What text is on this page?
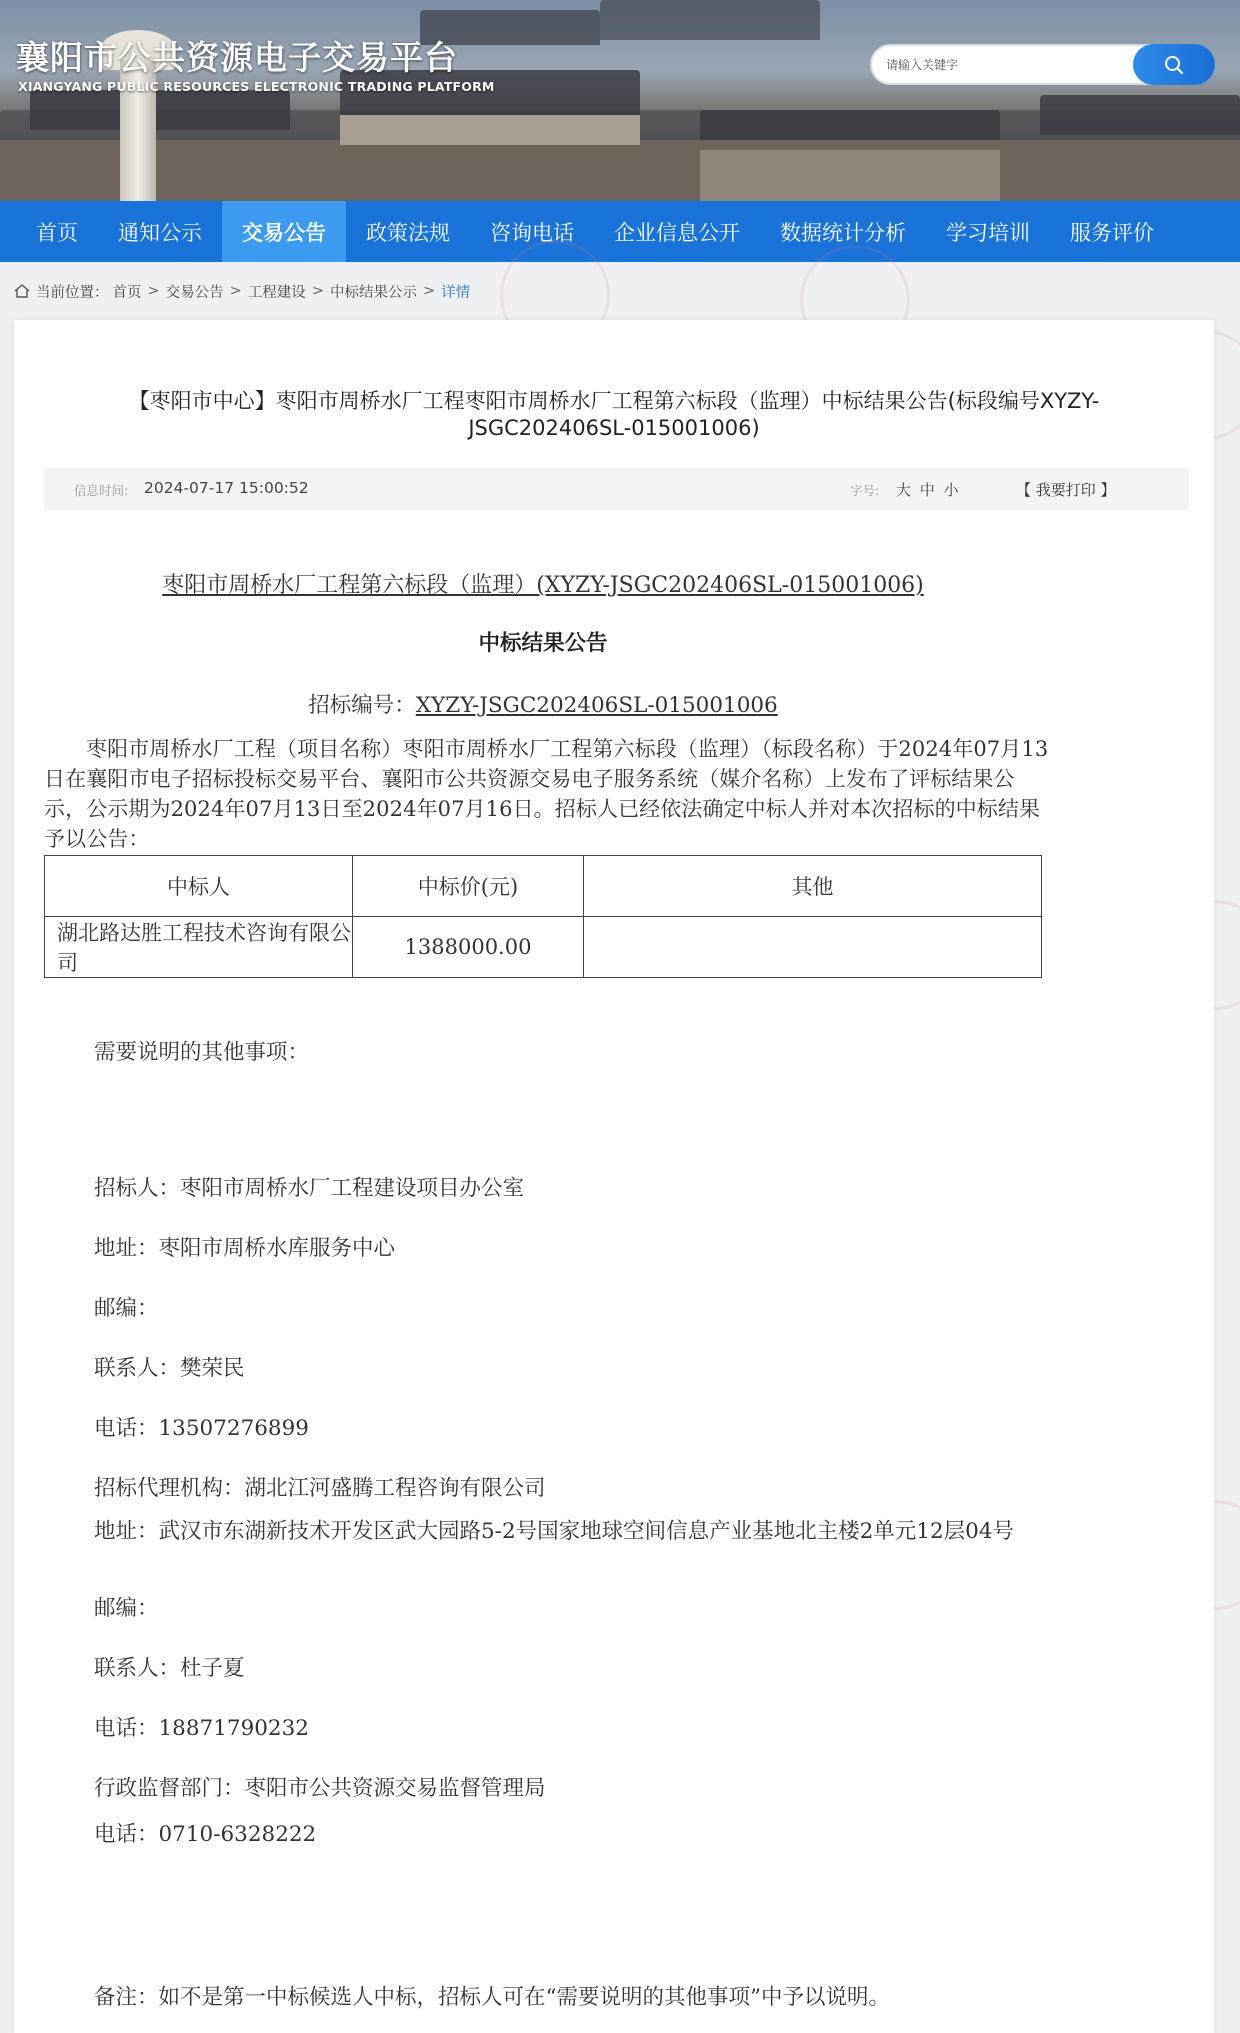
襄阳市公共资源电子交易平台
XIANGYANG PUBLIC RESOURCES ELECTRONIC TRADING PLATFORM
请输入关键字
首页	通知公示	交易公告	政策法规	咨询电话	企业信息公开	数据统计分析	学习培训	服务评价
当前位置： 首页 > 交易公告 > 工程建设 > 中标结果公示 > 详情
【枣阳市中心】枣阳市周桥水厂工程枣阳市周桥水厂工程第六标段（监理）中标结果公告(标段编号XYZY-JSGC202406SL-015001006)
信息时间: 2024-07-17 15:00:52	字号: 大 中 小	【 我要打印 】
枣阳市周桥水厂工程第六标段（监理）(XYZY-JSGC202406SL-015001006)
中标结果公告
招标编号：XYZY-JSGC202406SL-015001006
枣阳市周桥水厂工程（项目名称）枣阳市周桥水厂工程第六标段（监理）（标段名称）于2024年07月13日在襄阳市电子招标投标交易平台、襄阳市公共资源交易电子服务系统（媒介名称）上发布了评标结果公示，公示期为2024年07月13日至2024年07月16日。招标人已经依法确定中标人并对本次招标的中标结果予以公告：
中标人	中标价(元)	其他
湖北路达胜工程技术咨询有限公司	1388000.00	
需要说明的其他事项：
招标人：枣阳市周桥水厂工程建设项目办公室
地址：枣阳市周桥水库服务中心
邮编：
联系人：樊荣民
电话：13507276899
招标代理机构：湖北江河盛腾工程咨询有限公司
地址：武汉市东湖新技术开发区武大园路5-2号国家地球空间信息产业基地北主楼2单元12层04号
邮编：
联系人：杜子夏
电话：18871790232
行政监督部门：枣阳市公共资源交易监督管理局
电话：0710-6328222
备注：如不是第一中标候选人中标，招标人可在“需要说明的其他事项”中予以说明。
